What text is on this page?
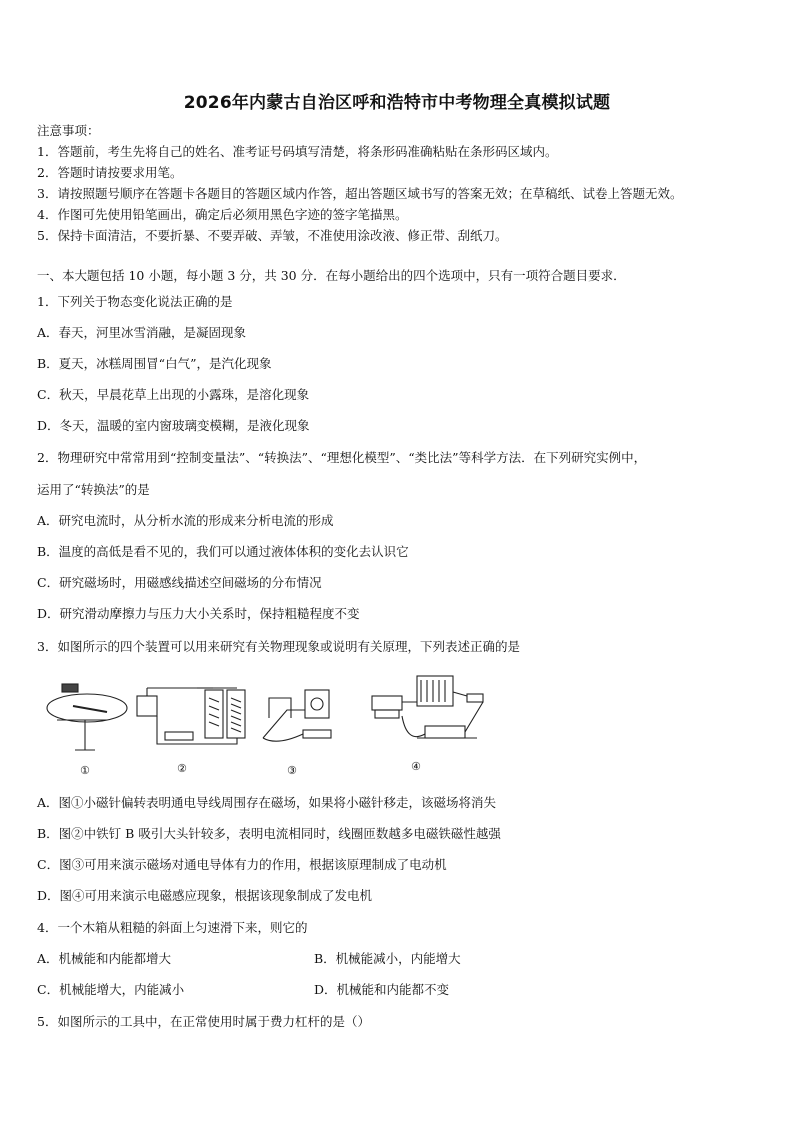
2026年内蒙古自治区呼和浩特市中考物理全真模拟试题
注意事项：
1．答题前，考生先将自己的姓名、准考证号码填写清楚，将条形码准确粘贴在条形码区域内。
2．答题时请按要求用笔。
3．请按照题号顺序在答题卡各题目的答题区域内作答，超出答题区域书写的答案无效；在草稿纸、试卷上答题无效。
4．作图可先使用铅笔画出，确定后必须用黑色字迹的签字笔描黑。
5．保持卡面清洁，不要折暴、不要弄破、弄皱，不准使用涂改液、修正带、刮纸刀。
一、本大题包括 10 小题，每小题 3 分，共 30 分．在每小题给出的四个选项中，只有一项符合题目要求．
1．下列关于物态变化说法正确的是
A．春天，河里冰雪消融，是凝固现象
B．夏天，冰糕周围冒“白气”，是汽化现象
C．秋天，早晨花草上出现的小露珠，是溶化现象
D．冬天，温暖的室内窗玻璃变模糊，是液化现象
2．物理研究中常常用到“控制变量法”、“转换法”、“理想化模型”、“类比法”等科学方法．在下列研究实例中，
运用了“转换法”的是
A．研究电流时，从分析水流的形成来分析电流的形成
B．温度的高低是看不见的，我们可以通过液体体积的变化去认识它
C．研究磁场时，用磁感线描述空间磁场的分布情况
D．研究滑动摩擦力与压力大小关系时，保持粗糙程度不变
3．如图所示的四个装置可以用来研究有关物理现象或说明有关原理，下列表述正确的是
①	②	③	④
A．图①小磁针偏转表明通电导线周围存在磁场，如果将小磁针移走，该磁场将消失
B．图②中铁钉 B 吸引大头针较多，表明电流相同时，线圈匝数越多电磁铁磁性越强
C．图③可用来演示磁场对通电导体有力的作用，根据该原理制成了电动机
D．图④可用来演示电磁感应现象，根据该现象制成了发电机
4．一个木箱从粗糙的斜面上匀速滑下来，则它的
A．机械能和内能都增大	B．机械能减小，内能增大
C．机械能增大，内能减小	D．机械能和内能都不变
5．如图所示的工具中，在正常使用时属于费力杠杆的是（）
